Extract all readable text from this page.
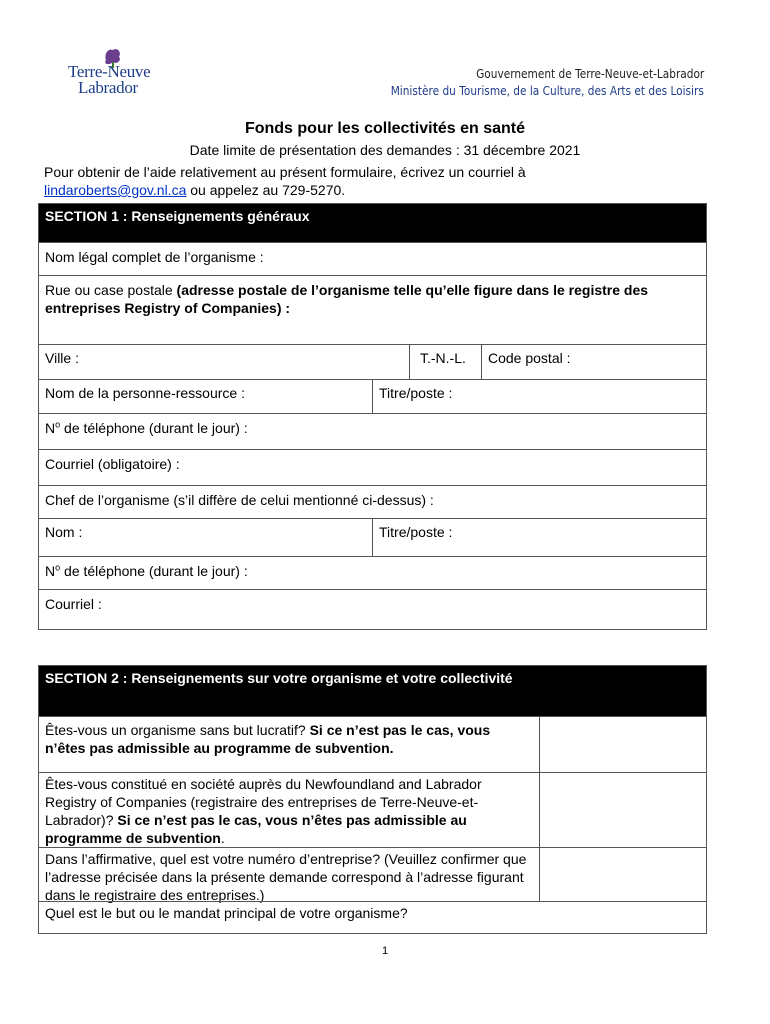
Terre-Neuve
Labrador
Gouvernement de Terre-Neuve-et-Labrador
Ministère du Tourisme, de la Culture, des Arts et des Loisirs
Fonds pour les collectivités en santé
Date limite de présentation des demandes : 31 décembre 2021
Pour obtenir de l’aide relativement au présent formulaire, écrivez un courriel à
lindaroberts@gov.nl.ca ou appelez au 729-5270.
SECTION 1 : Renseignements généraux
Nom légal complet de l’organisme :
Rue ou case postale (adresse postale de l’organisme telle qu’elle figure dans le registre des entreprises Registry of Companies) :
Ville :	T.-N.-L.	Code postal :
Nom de la personne-ressource :	Titre/poste :
$N^o$ de téléphone (durant le jour) :
Courriel (obligatoire) :
Chef de l’organisme (s’il diffère de celui mentionné ci-dessus) :
Nom :	Titre/poste :
$N^o$ de téléphone (durant le jour) :
Courriel :
SECTION 2 : Renseignements sur votre organisme et votre collectivité
Êtes-vous un organisme sans but lucratif? Si ce n’est pas le cas, vous n’êtes pas admissible au programme de subvention.
Êtes-vous constitué en société auprès du Newfoundland and Labrador Registry of Companies (registraire des entreprises de Terre-Neuve-et-Labrador)? Si ce n’est pas le cas, vous n’êtes pas admissible au programme de subvention.
Dans l’affirmative, quel est votre numéro d’entreprise? (Veuillez confirmer que l’adresse précisée dans la présente demande correspond à l’adresse figurant dans le registraire des entreprises.)
Quel est le but ou le mandat principal de votre organisme?
1
